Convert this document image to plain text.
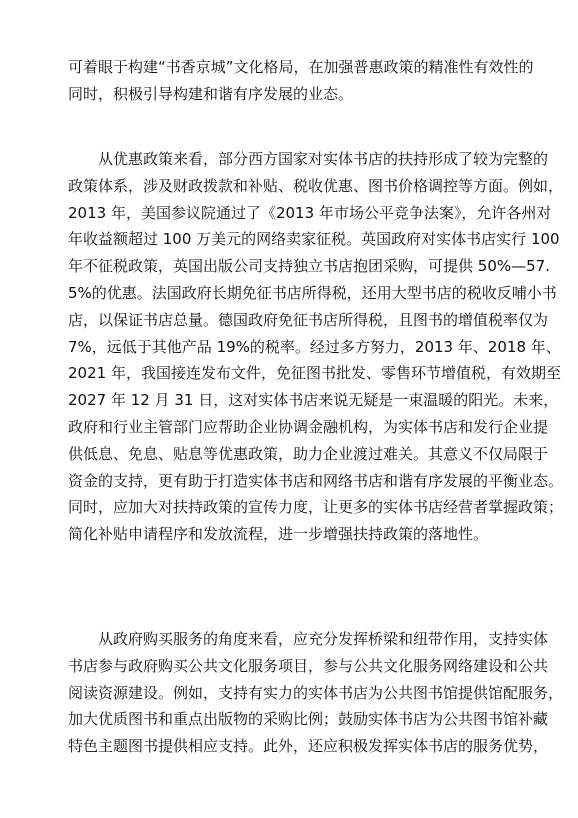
可着眼于构建“书香京城”文化格局，在加强普惠政策的精准性有效性的
同时，积极引导构建和谐有序发展的业态。
从优惠政策来看，部分西方国家对实体书店的扶持形成了较为完整的
政策体系，涉及财政拨款和补贴、税收优惠、图书价格调控等方面。例如，
2013 年，美国参议院通过了《2013 年市场公平竞争法案》，允许各州对
年收益额超过 100 万美元的网络卖家征税。英国政府对实体书店实行 100
年不征税政策，英国出版公司支持独立书店抱团采购，可提供 50%—57.
5%的优惠。法国政府长期免征书店所得税，还用大型书店的税收反哺小书
店，以保证书店总量。德国政府免征书店所得税，且图书的增值税率仅为
7%，远低于其他产品 19%的税率。经过多方努力，2013 年、2018 年、
2021 年，我国接连发布文件，免征图书批发、零售环节增值税，有效期至
2027 年 12 月 31 日，这对实体书店来说无疑是一束温暖的阳光。未来，
政府和行业主管部门应帮助企业协调金融机构，为实体书店和发行企业提
供低息、免息、贴息等优惠政策，助力企业渡过难关。其意义不仅局限于
资金的支持，更有助于打造实体书店和网络书店和谐有序发展的平衡业态。
同时，应加大对扶持政策的宣传力度，让更多的实体书店经营者掌握政策；
简化补贴申请程序和发放流程，进一步增强扶持政策的落地性。
从政府购买服务的角度来看，应充分发挥桥梁和纽带作用，支持实体
书店参与政府购买公共文化服务项目，参与公共文化服务网络建设和公共
阅读资源建设。例如，支持有实力的实体书店为公共图书馆提供馆配服务，
加大优质图书和重点出版物的采购比例；鼓励实体书店为公共图书馆补藏
特色主题图书提供相应支持。此外，还应积极发挥实体书店的服务优势，
